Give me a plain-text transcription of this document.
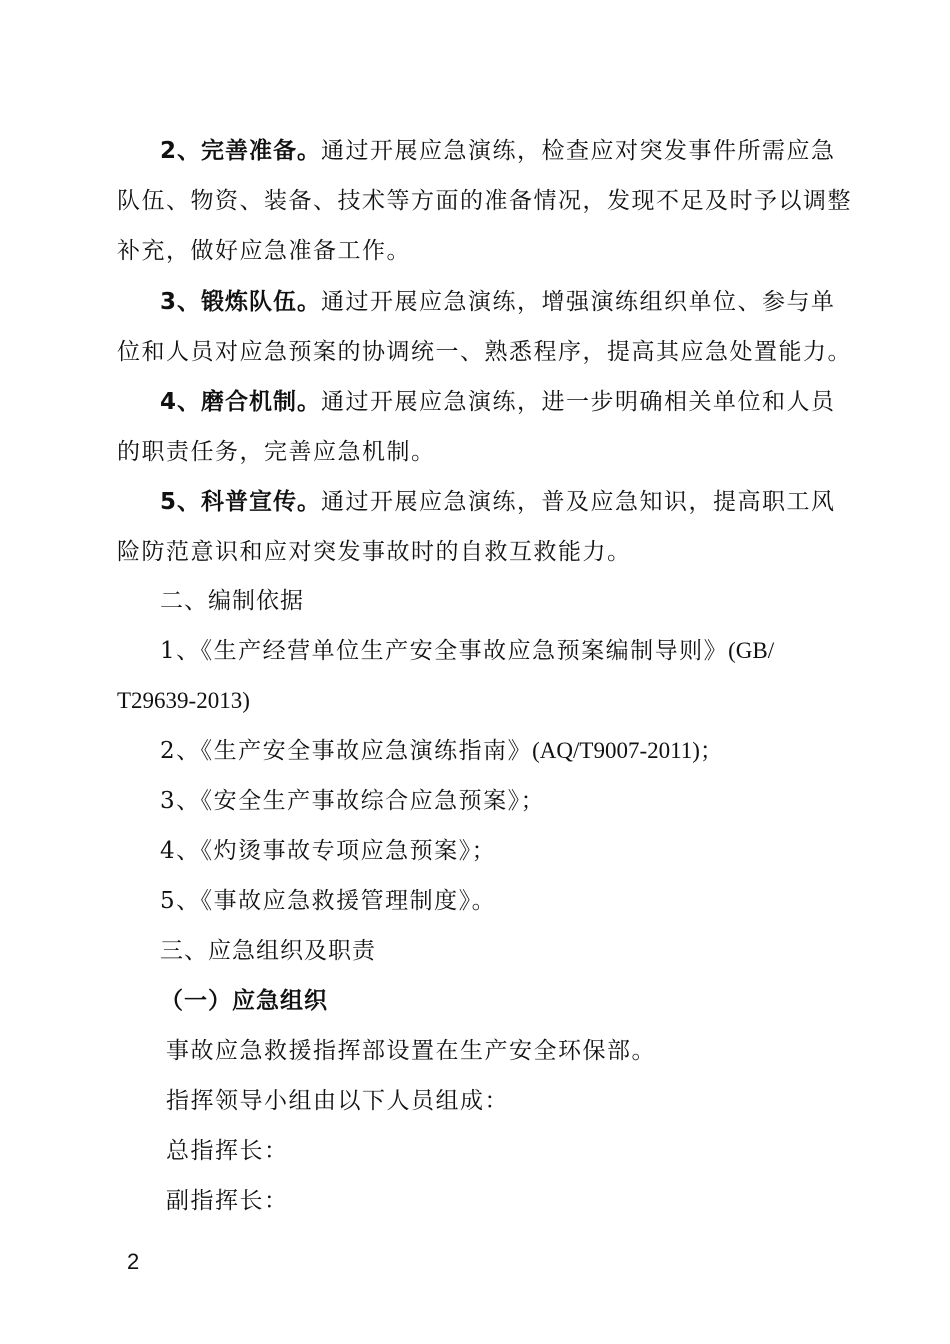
2、完善准备。通过开展应急演练，检查应对突发事件所需应急
队伍、物资、装备、技术等方面的准备情况，发现不足及时予以调整
补充，做好应急准备工作。
3、锻炼队伍。通过开展应急演练，增强演练组织单位、参与单
位和人员对应急预案的协调统一、熟悉程序，提高其应急处置能力。
4、磨合机制。通过开展应急演练，进一步明确相关单位和人员
的职责任务，完善应急机制。
5、科普宣传。通过开展应急演练，普及应急知识，提高职工风
险防范意识和应对突发事故时的自救互救能力。
二、编制依据
1、《生产经营单位生产安全事故应急预案编制导则》(GB/
T29639-2013)
2、《生产安全事故应急演练指南》(AQ/T9007-2011)；
3、《安全生产事故综合应急预案》；
4、《灼烫事故专项应急预案》；
5、《事故应急救援管理制度》。
三、应急组织及职责
（一）应急组织
事故应急救援指挥部设置在生产安全环保部。
指挥领导小组由以下人员组成：
总指挥长：
副指挥长：
2
